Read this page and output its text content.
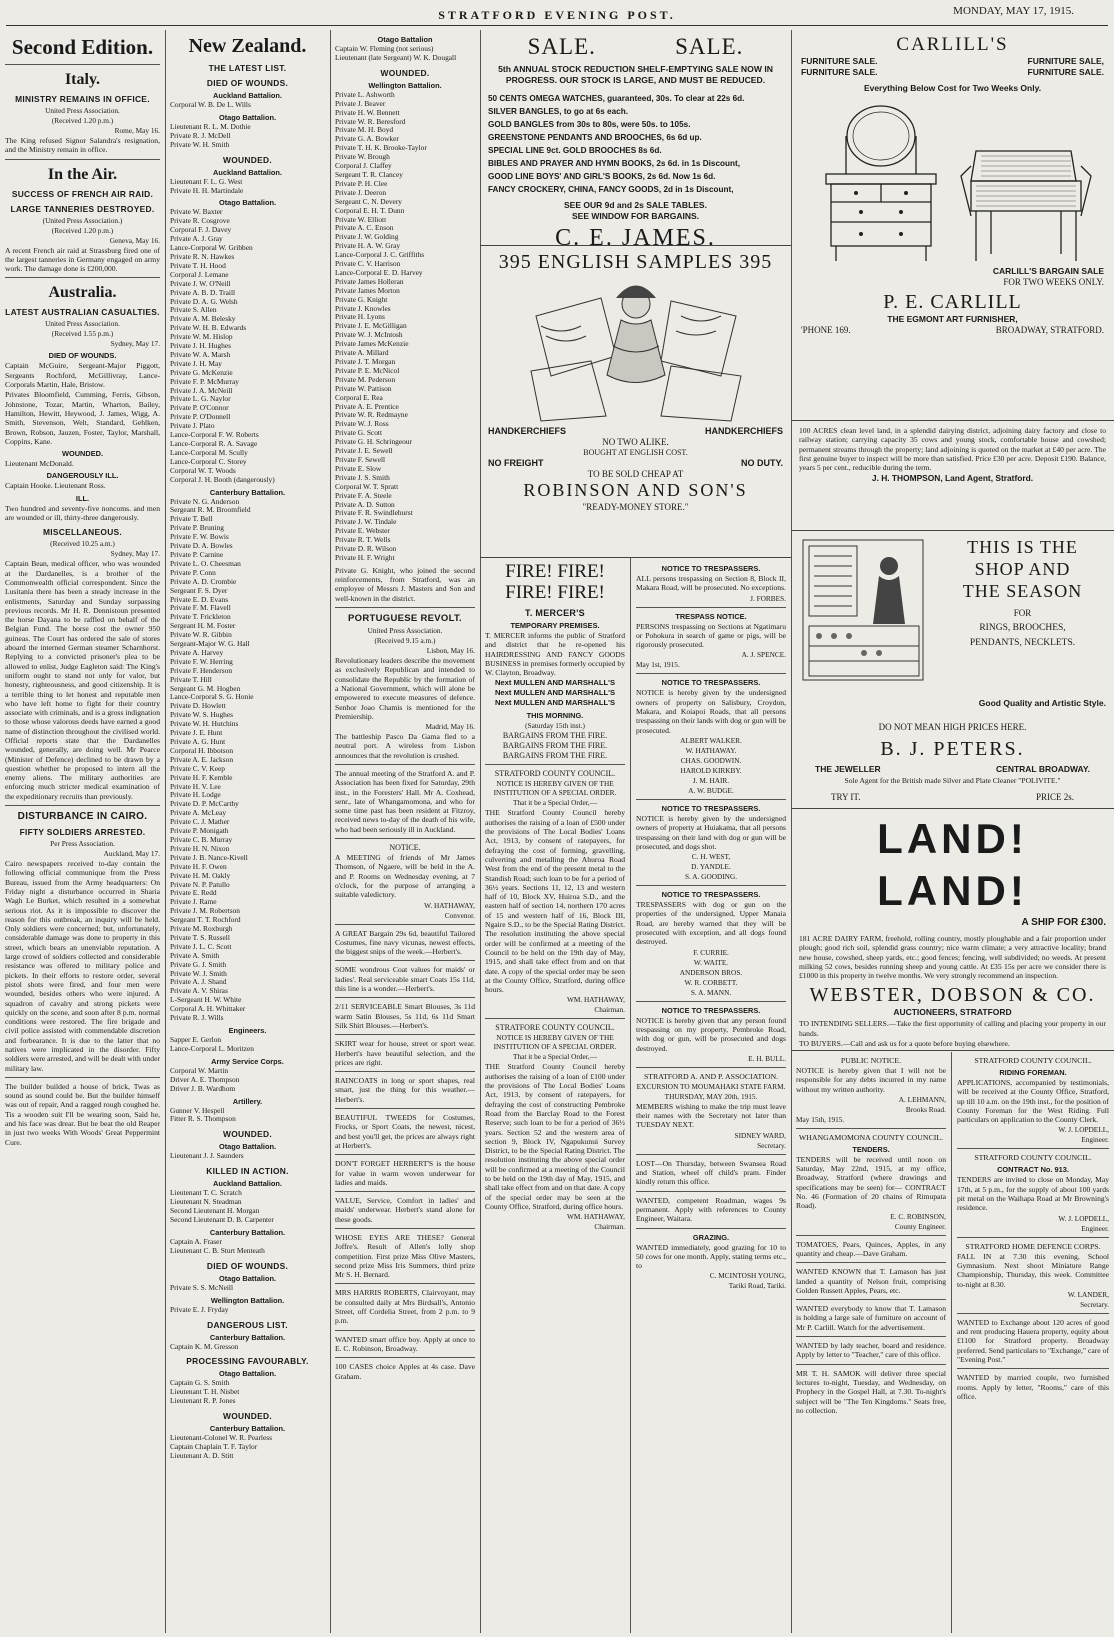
STRATFORD EVENING POST.	MONDAY, MAY 17, 1915.
Second Edition.
Italy.
MINISTRY REMAINS IN OFFICE.
United Press Association.
(Received 1.20 p.m.)
Rome, May 16.

The King refused Signor Salandra's resignation, and the Ministry remain in office.

In the Air.
SUCCESS OF FRENCH AIR RAID.
LARGE TANNERIES DESTROYED.
(United Press Association.)
(Received 1.20 p.m.)
Geneva, May 16.

A recent French air raid at Strassburg fired one of the largest tanneries in Germany engaged on army work. The damage done is £200,000.

Australia.
LATEST AUSTRALIAN CASUALTIES.
United Press Association.
(Received 1.55 p.m.)
Sydney, May 17.
DIED OF WOUNDS.

Captain McGuire, Sergeant-Major Piggott, Sergeants Rochford, McGillivray, Lance-Corporals Martin, Hale, Bristow.

Privates Bloomfield, Cumming, Ferris, Gibson, Johnstone, Tozar, Martin, Wharton, Bailey, Hamilton, Hewitt, Heywood, J. James, Wigg, A. Smith, Stevenson, Welt, Standard, Gehlken, Brown, Robson, Jauzen, Foster, Taylor, Marshall, Coppins, Kane.

WOUNDED.

Lieutenant McDonald.

DANGEROUSLY ILL.

Captain Hooke. Lieutenant Ross.

ILL.

Two hundred and seventy-five noncoms. and men are wounded or ill, thirty-three dangerously.

MISCELLANEOUS.
(Received 10.25 a.m.)
Sydney, May 17.

Captain Bean, medical officer, who was wounded at the Dardanelles, is a brother of the Commonwealth official correspondent. Since the Lusitania there has been a steady increase in the enlistments, Saturday and Sunday surpassing previous records. Mr H. R. Dennistoun presented the horse Dayana to be raffled on behalf of the Belgian Fund. The horse cost the owner 950 guineas. The Court has ordered the sale of stores aboard the interned German steamer Scharnhorst. Replying to a convicted prisoner's plea to be allowed to enlist, Judge Eagleton said: The King's uniform ought to stand not only for valor, but honesty, righteousness, and good citizenship. It is a terrible thing to let honest and reputable men who have left home to fight for their country associate with criminals, and is a gross indignation to those whose valorous deeds have earned a good name of distinction throughout the civilised world. Official reports state that the Dardanelles wounded, generally, are doing well. Mr Pearce (Minister of Defence) declined to be drawn by a question whether he proposed to intern all the enemy aliens. The military authorities are enforcing much stricter medical examination of the expeditionary recruits than previously.

DISTURBANCE IN CAIRO.
FIFTY SOLDIERS ARRESTED.
Per Press Association.
Auckland, May 17.

Cairo newspapers received to-day contain the following official communique from the Press Bureau, issued from the Army headquarters: On Friday night a disturbance occurred in Sharia Wagh Le Burket, which resulted in a somewhat serious riot. As it is impossible to discover the reason for this outbreak, an inquiry will be held. Only soldiers were concerned; but, unfortunately, considerable damage was done to property in this street, which bears an unenviable reputation. A large crowd of soldiers collected and considerable resistance was offered to military police and pickets. In their efforts to restore order, several pistol shots were fired, and four men were wounded, besides others who were injured. A squadron of cavalry and strong pickets were quickly on the scene, and soon after 8 p.m. normal conditions were restored. The fire brigade and civil police assisted with commendable discretion and forbearance. It is due to the latter that no natives were implicated in the disorder. Fifty soldiers were arrested, and will be dealt with under military law.

The builder builded a house of brick, Twas as sound as sound could be. But the builder himself was out of repair, And a ragged rough coughed he. Tis a wooden suit I'll be wearing soon, Said he, and his face was drear. But he beat the old Reaper in just two weeks With Woods' Great Peppermint Cure.

New Zealand.
THE LATEST LIST.
DIED OF WOUNDS.
Auckland Battalion.
Corporal W. B. De L. Wills
Otago Battalion.
Lieutenant R. L. M. Dothie
Private R. J. McDell
Private W. H. Smith
WOUNDED.
Auckland Battalion.
Lieutenant F. L. G. West
Private H. H. Martindale
Otago Battalion.
Private W. Baxter
Private R. Cosgrove
Corporal F. J. Davey
Private A. J. Gray
Lance-Corporal W. Gribben
Private R. N. Hawkes
Private T. H. Hood
Corporal J. Lemane
Private J. W. O'Neill
Private A. B. D. Traill
Private D. A. G. Welsh
Private S. Allen
Private A. M. Belesky
Private W. H. B. Edwards
Private W. M. Hislop
Private J. H. Hughes
Private W. A. Marsh
Private J. H. May
Private G. McKenzie
Private F. P. McMurray
Private J. A. McNeill
Private L. G. Naylor
Private P. O'Connor
Private P. O'Donnell
Private J. Plato
Lance-Corporal F. W. Roberts
Lance-Corporal R. A. Savage
Lance-Corporal M. Scully
Lance-Corporal C. Storey
Corporal W. T. Woods
Corporal J. H. Booth (dangerously)
Canterbury Battalion.
Private N. G. Anderson
Sergeant R. M. Broomfield
Private T. Bell
Private P. Bruning
Private F. W. Bowis
Private D. A. Bowles
Private P. Carnine
Private L. O. Cheesman
Private P. Conn
Private A. D. Crombie
Sergeant F. S. Dyer
Private E. D. Evans
Private F. M. Flavell
Private T. Frickleton
Sergeant H. M. Foster
Private W. R. Gibbin
Sergeant-Major W. G. Hall
Private A. Harvey
Private F. W. Herring
Private F. Henderson
Private T. Hill
Sergeant G. M. Hogben
Lance-Corporal S. G. Honie
Private D. Howlett
Private W. S. Hughes
Private W. H. Hutchins
Private J. E. Hunt
Private A. G. Hunt
Corporal H. Ibbotson
Private A. E. Jackson
Private C. V. Keep
Private H. F. Kemble
Private H. V. Lee
Private H. Lodge
Private D. P. McCarthy
Private A. McLeay
Private C. J. Mather
Private P. Monigath
Private C. B. Murray
Private H. N. Nixon
Private J. B. Nance-Kivell
Private H. F. Owen
Private H. M. Oakly
Private N. P. Patullo
Private E. Redd
Private J. Rame
Private J. M. Robertson
Sergeant T. T. Rochford
Private M. Roxburgh
Private T. S. Russell
Private J. L. C. Scott
Private A. Smith
Private G. J. Smith
Private W. J. Smith
Private A. J. Shand
Private A. V. Shiras
L-Sergeant H. W. White
Corporal A. H. Whittaker
Private R. J. Wills
Engineers.
Sapper E. Gerlon
Lance-Corporal L. Moritzen
Army Service Corps.
Corporal W. Martin
Driver A. E. Thompson
Driver J. B. Wardhom
Artillery.
Gunner V. Hespell
Fitter R. S. Thompson
WOUNDED.
Otago Battalion.
Lieutenant J. J. Saunders
KILLED IN ACTION.
Auckland Battalion.
Lieutenant T. C. Scratch
Lieutenant N. Steadman
Second Lieutenant H. Morgan
Second Lieutenant D. B. Carpenter
Canterbury Battalion.
Captain A. Fraser
Lieutenant C. B. Sturt Menteath
DIED OF WOUNDS.
Otago Battalion.
Private S. S. McNeill
Wellington Battalion.
Private E. J. Fryday
DANGEROUS LIST.
Canterbury Battalion.
Captain K. M. Gresson
PROCESSING FAVOURABLY.
Otago Battalion.
Captain G. S. Smith
Lieutenant T. H. Nisbet
Lieutenant R. P. Jones
WOUNDED.
Canterbury Battalion.
Lieutenant-Colonel W. R. Pearless
Captain Chaplain T. F. Taylor
Lieutenant A. D. Stitt
Otago Battalion
Captain W. Fleming (not serious)
Lieutenant (late Sergeant) W. K. Dougall
WOUNDED.
Wellington Battalion.
Private L. Ashworth
Private J. Beaver
Private H. W. Bennett
Private W. R. Beresford
Private M. H. Boyd
Private G. A. Bowker
Private T. H. K. Brooke-Taylor
Private W. Brough
Corporal J. Claffey
Sergeant T. R. Clancey
Private P. H. Clee
Private J. Deeron
Sergeant C. N. Devery
Corporal E. H. T. Dunn
Private W. Elliott
Private A. C. Enson
Private J. W. Golding
Private H. A. W. Gray
Lance-Corporal J. C. Griffiths
Private C. V. Harrison
Lance-Corporal E. D. Harvey
Private James Holleran
Private James Morton
Private G. Knight
Private J. Knowles
Private H. Lyons
Private J. E. McGilligan
Private W. J. McIntosh
Private James McKenzie
Private A. Millard
Private J. T. Morgan
Private P. E. McNicol
Private M. Pederson
Private W. Pattison
Corporal E. Rea
Private A. E. Prentice
Private W. R. Redmayne
Private W. J. Ross
Private G. Scott
Private G. H. Schringeour
Private J. E. Sewell
Private F. Sewell
Private E. Slow
Private J. S. Smith
Corporal W. T. Spratt
Private F. A. Steele
Private A. D. Sutton
Private F. R. Swindlehurst
Private J. W. Tindale
Private E. Webster
Private R. T. Wells
Private D. R. Wilson
Private H. F. Wright

Private G. Knight, who joined the second reinforcements, from Stratford, was an employee of Messrs J. Masters and Son and well-known in the district.

PORTUGUESE REVOLT.
United Press Association.
(Received 9.15 a.m.)
Lisbon, May 16.

Revolutionary leaders describe the movement as exclusively Republican and intended to consolidate the Republic by the formation of a National Government, which will alone be empowered to execute measures of defence. Senhor Joao Chamis is mentioned for the Premiership.

Madrid, May 16.

The battleship Pasco Da Gama fled to a neutral port. A wireless from Lisbon announces that the revolution is crushed.

The annual meeting of the Stratford A. and P. Association has been fixed for Saturday, 29th inst., in the Foresters' Hall. Mr A. Coxhead, senr., late of Whangamomona, and who for some time past has been resident at Fitzroy, received news to-day of the death of his wife, who had been seriously ill in Auckland.

NOTICE.

A MEETING of friends of Mr James Thomson, of Ngaere, will be held in the A. and P. Rooms on Wednesday evening, at 7 o'clock, for the purpose of arranging a suitable valedictory.

W. HATHAWAY,
Convenor.

A GREAT Bargain 29s 6d, beautiful Tailored Costumes, fine navy vicunas, newest effects, the biggest snips of the week.—Herbert's.

SOME wondrous Coat values for maids' or ladies'. Real serviceable smart Coats 15s 11d, this line is a wonder.—Herbert's.

2/11 SERVICEABLE Smart Blouses, 3s 11d warm Satin Blouses, 5s 11d, 6s 11d Smart Silk Shirt Blouses.—Herbert's.

SKIRT wear for house, street or sport wear. Herbert's have beautiful selection, and the prices are right.

RAINCOATS in long or sport shapes, real smart, just the thing for this weather.—Herbert's.

BEAUTIFUL TWEEDS for Costumes, Frocks, or Sport Coats, the newest, nicest, and best you'll get, the prices are always right at Herbert's.

DON'T FORGET HERBERT'S is the house for value in warm woven underwear for ladies and maids.

VALUE, Service, Comfort in ladies' and maids' underwear. Herbert's stand alone for these goods.

WHOSE EYES ARE THESE? General Joffre's. Result of Allen's lolly shop competition. First prize Miss Olive Masters, second prize Miss Iris Summers, third prize Mr S. H. Bernard.

MRS HARRIS ROBERTS, Clairvoyant, may be consulted daily at Mrs Birdsall's, Antonio Street, off Cordelia Street, from 2 p.m. to 9 p.m.

WANTED smart office boy. Apply at once to E. C. Robinson, Broadway.

100 CASES choice Apples at 4s case. Dave Graham.

SALE.	SALE.
5th ANNUAL STOCK REDUCTION SHELF-EMPTYING SALE NOW IN PROGRESS. OUR STOCK IS LARGE, AND MUST BE REDUCED.
50 CENTS OMEGA WATCHES, guaranteed, 30s. To clear at 22s 6d.
SILVER BANGLES, to go at 6s each.
GOLD BANGLES from 30s to 80s, were 50s. to 105s.
GREENSTONE PENDANTS AND BROOCHES, 6s 6d up.
SPECIAL LINE 9ct. GOLD BROOCHES 8s 6d.
BIBLES AND PRAYER AND HYMN BOOKS, 2s 6d. in 1s Discount,
GOOD LINE BOYS' AND GIRL'S BOOKS, 2s 6d. Now 1s 6d.
FANCY CROCKERY, CHINA, FANCY GOODS, 2d in 1s Discount,
SEE OUR 9d and 2s SALE TABLES.
SEE WINDOW FOR BARGAINS.
C. E. JAMES.
395 ENGLISH SAMPLES 395
HANDKERCHIEFS	HANDKERCHIEFS
NO TWO ALIKE.
BOUGHT AT ENGLISH COST.
NO FREIGHT	NO DUTY.
TO BE SOLD CHEAP AT
ROBINSON AND SON'S
"READY-MONEY STORE."
FIRE! FIRE! FIRE! FIRE!
T. MERCER'S
TEMPORARY PREMISES.

T. MERCER informs the public of Stratford and district that he re-opened his HAIRDRESSING AND FANCY GOODS BUSINESS in premises formerly occupied by W. Clayton, Broadway.

Next MULLEN AND MARSHALL'S
Next MULLEN AND MARSHALL'S
Next MULLEN AND MARSHALL'S
THIS MORNING.
(Saturday 15th inst.)
BARGAINS FROM THE FIRE.
BARGAINS FROM THE FIRE.
BARGAINS FROM THE FIRE.
STRATFORD COUNTY COUNCIL.
NOTICE IS HEREBY GIVEN OF THE INSTITUTION OF A SPECIAL ORDER.
That it be a Special Order,—

THE Stratford County Council hereby authorises the raising of a loan of £500 under the provisions of The Local Bodies' Loans Act, 1913, by consent of ratepayers, for defraying the cost of forming, gravelling, culverting and metalling the Ahuroa Road West from the end of the present metal to the Standish Road; such loan to be for a period of 36½ years. Sections 11, 12, 13 and western half of 10, Block XV, Huiroa S.D., and the eastern half of section 14, northern 170 acres of 15 and western half of 16, Block III, Ngaire S.D., to be the Special Rating District. The resolution instituting the above special order will be confirmed at a meeting of the Council to be held on the 19th day of May, 1915, and shall take effect from and on that date. A copy of the special order may be seen at the County Office, Stratford, during office hours.

WM. HATHAWAY,
Chairman.
STRATFORE COUNTY COUNCIL.
NOTICE IS HEREBY GIVEN OF THE INSTITUTION OF A SPECIAL ORDER.
That it be a Special Order,—

THE Stratford County Council hereby authorises the raising of a loan of £100 under the provisions of The Local Bodies' Loans Act, 1913, by consent of ratepayers, for defraying the cost of constructing Pembroke Road from the Barclay Road to the Forest Reserve; such loan to be for a period of 36½ years. Section 52 and the western area of section 9, Block IV, Ngapukunui Survey District, to be the Special Rating District. The resolution instituting the above special order will be confirmed at a meeting of the Council to be held on the 19th day of May, 1915, and shall take effect from and on that date. A copy of the special order may be seen at the County Office, Stratford, during office hours.

WM. HATHAWAY,
Chairman.
NOTICE TO TRESPASSERS.

ALL persons trespassing on Section 8, Block II, Makara Road, will be prosecuted. No exceptions.

J. FORBES.
TRESPASS NOTICE.

PERSONS trespassing on Sections at Ngatimaru or Pohokura in search of game or pigs, will be rigorously prosecuted.

A. J. SPENCE.
May 1st, 1915.
NOTICE TO TRESPASSERS.

NOTICE is hereby given by the undersigned owners of property on Salisbury, Croydon, Makara, and Koiapoi Roads, that all persons trespassing on their lands with dog or gun will be prosecuted.

ALBERT WALKER.
W. HATHAWAY.
CHAS. GOODWIN.
HAROLD KIRKBY.
J. M. HAIR.
A. W. BUDGE.
NOTICE TO TRESPASSERS.

NOTICE is hereby given by the undersigned owners of property at Huiakama, that all persons trespassing on their land with dog or gun will be prosecuted, and dogs shot.

C. H. WEST,
D. YANDLE.
S. A. GOODING.
NOTICE TO TRESPASSERS.

TRESPASSERS with dog or gun on the properties of the undersigned, Upper Manaia Road, are hereby warned that they will be prosecuted with exception, and all dogs found destroyed.

F. CURRIE.
W. WAITE.
ANDERSON BROS.
W. R. CORBETT.
S. A. MANN.
NOTICE TO TRESPASSERS.

NOTICE is hereby given that any person found trespassing on my property, Pembroke Road, with dog or gun, will be prosecuted and dogs destroyed.

E. H. BULL.
STRATFORD A. AND P. ASSOCIATION.
EXCURSION TO MOUMAHAKI STATE FARM.
THURSDAY, MAY 20th, 1915.

MEMBERS wishing to make the trip must leave their names with the Secretary not later than TUESDAY NEXT.

SIDNEY WARD,
Secretary.

LOST—On Thursday, between Swansea Road and Station, wheel off child's pram. Finder kindly return this office.

WANTED, competent Roadman, wages 9s permanent. Apply with references to County Engineer, Waitara.

GRAZING.

WANTED immediately, good grazing for 10 to 50 cows for one month. Apply, stating terms etc., to

C. MCINTOSH YOUNG,
Tariki Road, Tariki.
CARLILL'S
FURNITURE SALE.	FURNITURE SALE,
FURNITURE SALE.	FURNITURE SALE.
Everything Below Cost for Two Weeks Only.
CARLILL'S BARGAIN SALE
FOR TWO WEEKS ONLY.
P. E. CARLILL
THE EGMONT ART FURNISHER,
'PHONE 169.	BROADWAY, STRATFORD.

100 ACRES clean level land, in a splendid dairying district, adjoining dairy factory and close to railway station; carrying capacity 35 cows and young stock, comfortable house and cowshed; permanent streams through the property; land adjoining is quoted on the market at £40 per acre. The first genuine buyer to inspect will be more than satisfied. Price £30 per acre. Deposit £190. Balance, years 5 per cent., reducible during the term.

J. H. THOMPSON, Land Agent, Stratford.
THIS IS THE
SHOP AND
THE SEASON
FOR
RINGS, BROOCHES,
PENDANTS, NECKLETS.
Good Quality and Artistic Style.
DO NOT MEAN HIGH PRICES HERE.
B. J. PETERS.
THE JEWELLER	CENTRAL BROADWAY.
Sole Agent for the British made Silver and Plate Cleaner "POLIVITE."
TRY IT.	PRICE 2s.
LAND! LAND!
A SHIP FOR £300.

181 ACRE DAIRY FARM, freehold, rolling country, mostly ploughable and a fair proportion under plough; good rich soil, splendid grass country; nice warm climate; a very attractive locality; brand new house, cowshed, sheep yards, etc.; good fences; fencing, well subdivided; no weeds. At present milking 52 cows, besides running sheep and young cattle. At £35 15s per acre we consider there is £1000 in this property in twelve months. We very strongly recommend an inspection.

WEBSTER, DOBSON & CO.
AUCTIONEERS, STRATFORD

TO INTENDING SELLERS.—Take the first opportunity of calling and placing your property in our hands.

TO BUYERS.—Call and ask us for a quote before buying elsewhere.

PUBLIC NOTICE.

NOTICE is hereby given that I will not be responsible for any debts incurred in my name without my written authority.

A. LEHMANN,
Brooks Road.
May 15th, 1915.
WHANGAMOMONA COUNTY COUNCIL.
TENDERS.

TENDERS will be received until noon on Saturday, May 22nd, 1915, at my office, Broadway, Stratford (where drawings and specifications may be seen) for— CONTRACT No. 46 (Formation of 20 chains of Rimupata Road).

E. C. ROBINSON,
County Engineer.

TOMATOES, Pears, Quinces, Apples, in any quantity and cheap.—Dave Graham.

WANTED KNOWN that T. Lamason has just landed a quantity of Nelson fruit, comprising Golden Russett Apples, Pears, etc.

WANTED everybody to know that T. Lamason is holding a large sale of furniture on account of Mr P. Carlill. Watch for the advertisement.

WANTED by lady teacher, board and residence. Apply by letter to "Teacher," care of this office.

MR T. H. SAMOK will deliver three special lectures to-night, Tuesday, and Wednesday, on Prophecy in the Gospel Hall, at 7.30. To-night's subject will be "The Ten Kingdoms." Seats free, no collection.

STRATFORD COUNTY COUNCIL.
RIDING FOREMAN.

APPLICATIONS, accompanied by testimonials, will be received at the County Office, Stratford, up till 10 a.m. on the 19th inst., for the position of County Foreman for the West Riding. Full particulars on application to the County Clerk.

W. J. LOPDELL,
Engineer.
STRATFORD COUNTY COUNCIL.
CONTRACT No. 913.

TENDERS are invited to close on Monday, May 17th, at 5 p.m., for the supply of about 100 yards pit metal on the Waihapa Road at Mr Browning's residence.

W. J. LOPDELL,
Engineer.
STRATFORD HOME DEFENCE CORPS.

FALL IN at 7.30 this evening, School Gymnasium. Next shoot Miniature Range Championship, Thursday, this week. Committee to-night at 8.30.

W. LANDER,
Secretary.

WANTED to Exchange about 120 acres of good and rent producing Hauera property, equity about £1100 for Stratford property. Broadway preferred. Send particulars to "Exchange," care of "Evening Post."

WANTED by married couple, two furnished rooms. Apply by letter, "Rooms," care of this office.
